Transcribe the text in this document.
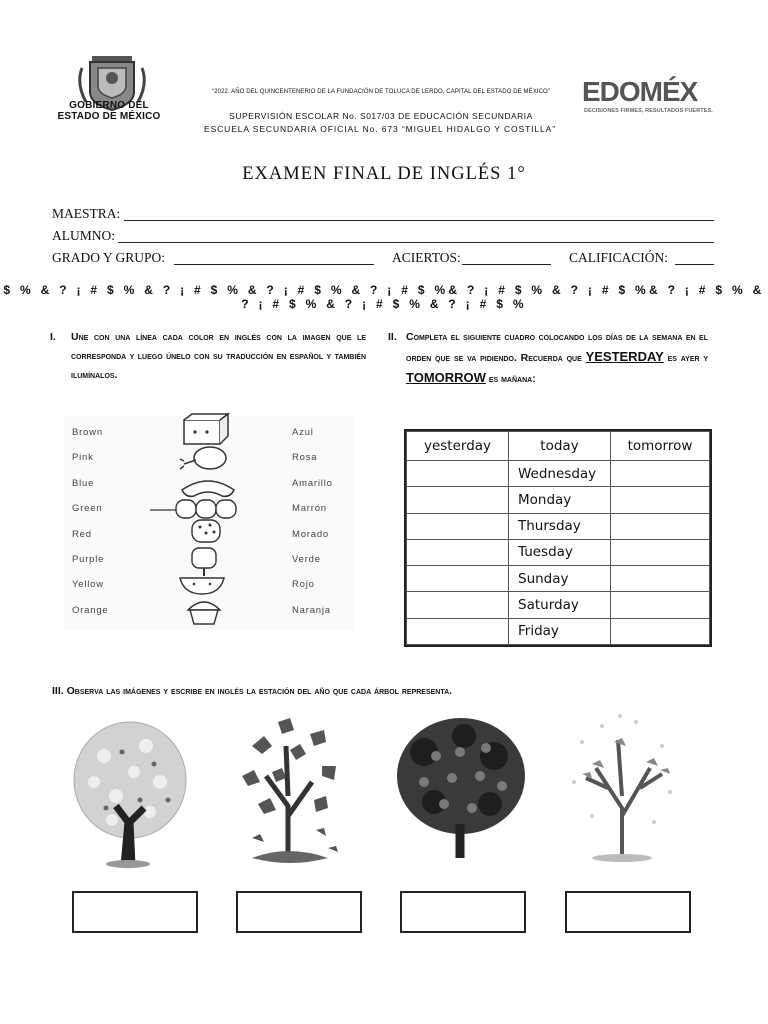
GOBIERNO DEL
ESTADO DE MÉXICO
“2022. AÑO DEL QUINCENTENERIO DE LA FUNDACIÓN DE TOLUCA DE LERDO, CAPITAL DEL ESTADO DE MÉXICO”
SUPERVISIÓN ESCOLAR No. S017/03 DE EDUCACIÓN SECUNDARIA
ESCUELA SECUNDARIA OFICIAL No. 673 “MIGUEL HIDALGO Y COSTILLA”
EDOMÉX
DECISIONES FIRMES, RESULTADOS FUERTES.
EXAMEN FINAL DE INGLÉS 1°
MAESTRA:
ALUMNO:
GRADO Y GRUPO:	ACIERTOS:	CALIFICACIÓN:
$ % & ? ¡ # $ % & ? ¡ # $ % & ? ¡ # $ % & ? ¡ # $ %& ? ¡ # $ % & ? ¡ # $ %& ? ¡ # $ % & ? ¡ # $ % & ? ¡ # $ % & ? ¡ # $ %
I. Une con una línea cada color en inglés con la imagen que le corresponda y luego únelo con su traducción en español y también ilumínalos.
Brown
Pink
Blue
Green
Red
Purple
Yellow
Orange
Azul
Rosa
Amarillo
Marrón
Morado
Verde
Rojo
Naranja
II. Completa el siguiente cuadro colocando los días de la semana en el orden que se va pidiendo. Recuerda que YESTERDAY es ayer y TOMORROW es mañana:
yesterday	today	tomorrow
	Wednesday	
	Monday	
	Thursday	
	Tuesday	
	Sunday	
	Saturday	
	Friday	
III. Observa las imágenes y escribe en inglés la estación del año que cada árbol representa.
